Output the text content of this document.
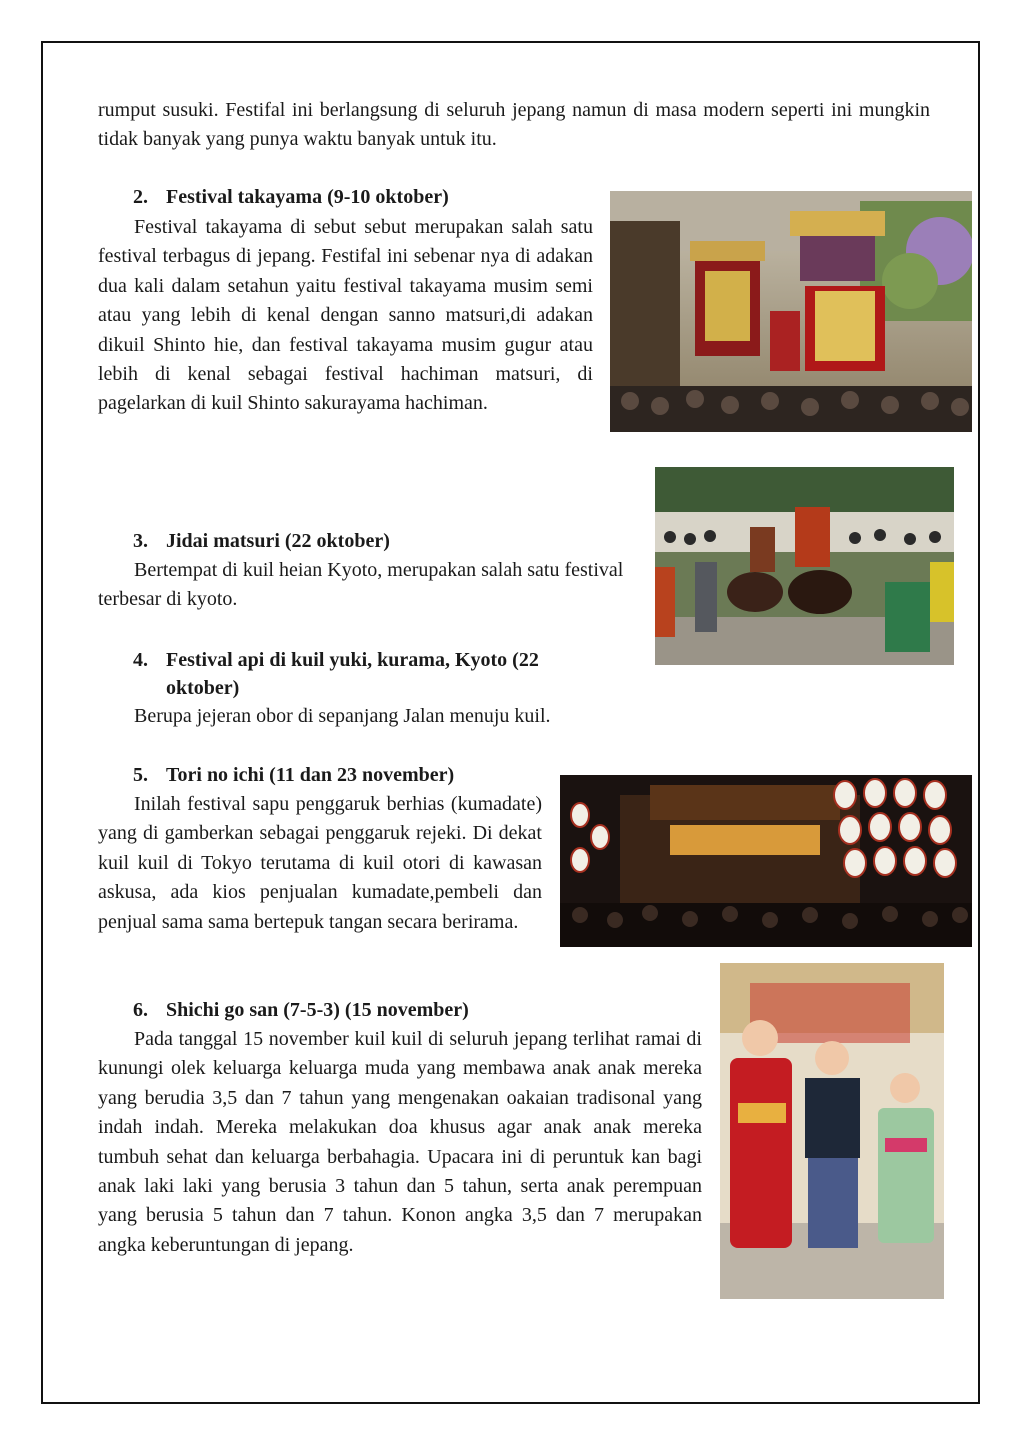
rumput susuki. Festifal ini berlangsung di seluruh jepang namun di masa modern seperti ini mungkin tidak banyak yang punya waktu banyak untuk itu.

2. Festival takayama (9-10 oktober)

Festival takayama di sebut sebut merupakan salah satu festival terbagus di jepang. Festifal ini sebenar nya di adakan dua kali dalam setahun yaitu festival takayama musim semi atau yang lebih di kenal dengan sanno matsuri,di adakan dikuil Shinto hie, dan festival takayama musim gugur atau lebih di kenal sebagai festival hachiman matsuri, di pagelarkan di kuil Shinto sakurayama hachiman.

3. Jidai matsuri (22 oktober)

Bertempat di kuil heian Kyoto, merupakan salah satu festival terbesar di kyoto.

4. Festival api di kuil yuki, kurama, Kyoto (22 oktober)

Berupa jejeran obor di sepanjang Jalan menuju kuil.

5. Tori no ichi (11 dan 23 november)

Inilah festival sapu penggaruk berhias (kumadate) yang di gamberkan sebagai penggaruk rejeki. Di dekat kuil kuil di Tokyo terutama di kuil otori di kawasan askusa, ada kios penjualan kumadate,pembeli dan penjual sama sama bertepuk tangan secara berirama.

6. Shichi go san (7-5-3) (15 november)

Pada tanggal 15 november kuil kuil di seluruh jepang terlihat ramai di kunungi olek keluarga keluarga muda yang membawa anak anak mereka yang berudia 3,5 dan 7 tahun yang mengenakan oakaian tradisonal yang indah indah. Mereka melakukan doa khusus agar anak anak mereka tumbuh sehat dan keluarga berbahagia. Upacara ini di peruntuk kan bagi anak laki laki yang berusia 3 tahun dan 5 tahun, serta anak perempuan yang berusia 5 tahun dan 7 tahun. Konon angka 3,5 dan 7 merupakan angka keberuntungan di jepang.
